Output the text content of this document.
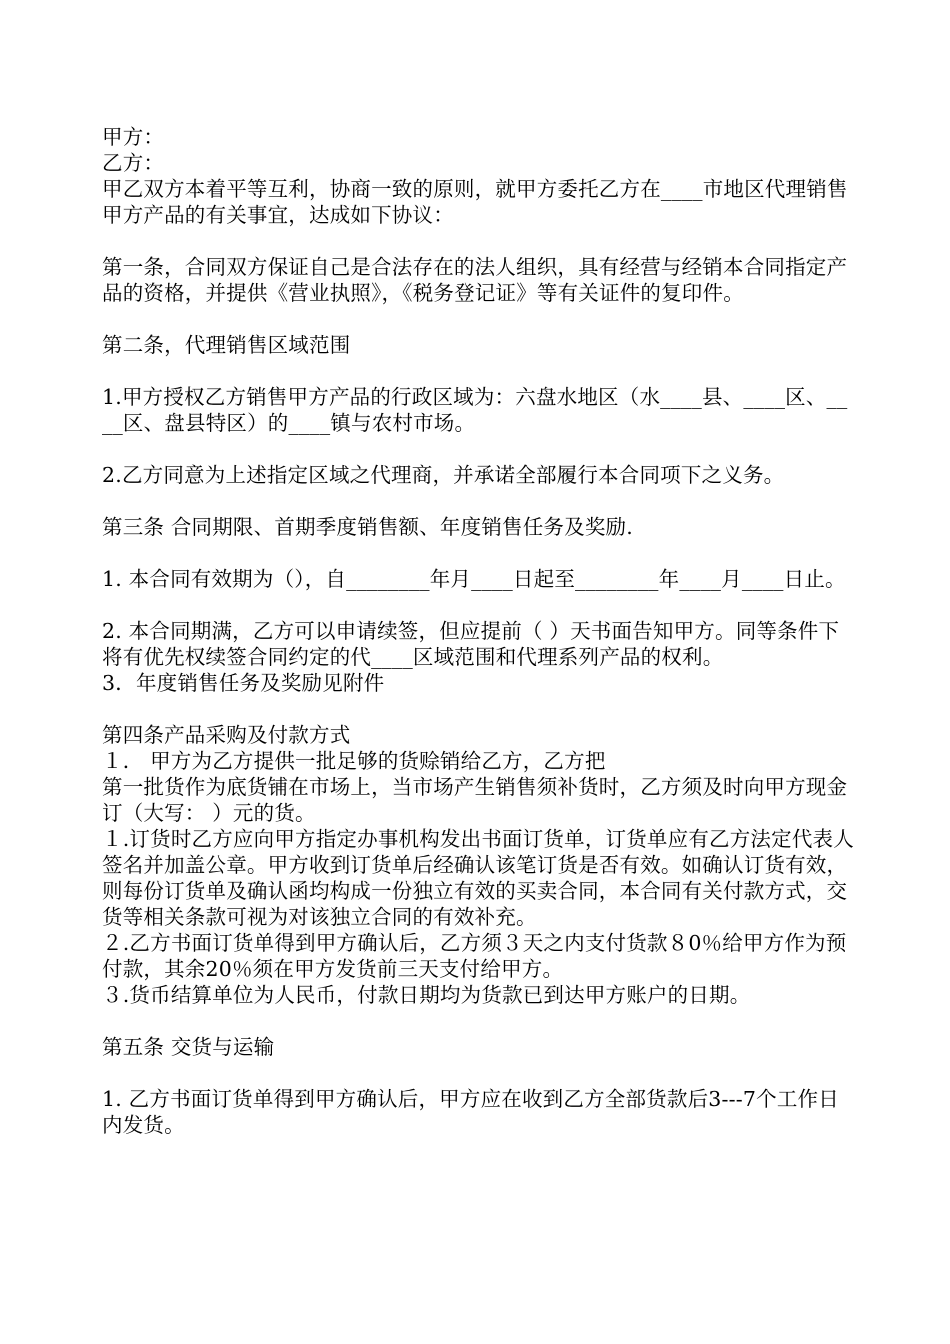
甲方：

乙方：

甲乙双方本着平等互利，协商一致的原则，就甲方委托乙方在____市地区代理销售甲方产品的有关事宜，达成如下协议：

第一条，合同双方保证自己是合法存在的法人组织，具有经营与经销本合同指定产品的资格，并提供《营业执照》，《税务登记证》等有关证件的复印件。

第二条，代理销售区域范围

1.甲方授权乙方销售甲方产品的行政区域为：六盘水地区（水____县、____区、____区、盘县特区）的____镇与农村市场。

2.乙方同意为上述指定区域之代理商，并承诺全部履行本合同项下之义务。

第三条 合同期限、首期季度销售额、年度销售任务及奖励.

1. 本合同有效期为（），自________年月____日起至________年____月____日止。

2. 本合同期满，乙方可以申请续签，但应提前（ ）天书面告知甲方。同等条件下将有优先权续签合同约定的代____区域范围和代理系列产品的权利。

3．年度销售任务及奖励见附件

第四条产品采购及付款方式

１． 甲方为乙方提供一批足够的货赊销给乙方，乙方把

第一批货作为底货铺在市场上，当市场产生销售须补货时，乙方须及时向甲方现金订（大写： ）元的货。

１.订货时乙方应向甲方指定办事机构发出书面订货单，订货单应有乙方法定代表人签名并加盖公章。甲方收到订货单后经确认该笔订货是否有效。如确认订货有效，则每份订货单及确认函均构成一份独立有效的买卖合同，本合同有关付款方式，交货等相关条款可视为对该独立合同的有效补充。

２.乙方书面订货单得到甲方确认后，乙方须３天之内支付货款８0％给甲方作为预付款，其余20％须在甲方发货前三天支付给甲方。

３.货币结算单位为人民币，付款日期均为货款已到达甲方账户的日期。

第五条 交货与运输

1. 乙方书面订货单得到甲方确认后，甲方应在收到乙方全部货款后3---7个工作日内发货。
